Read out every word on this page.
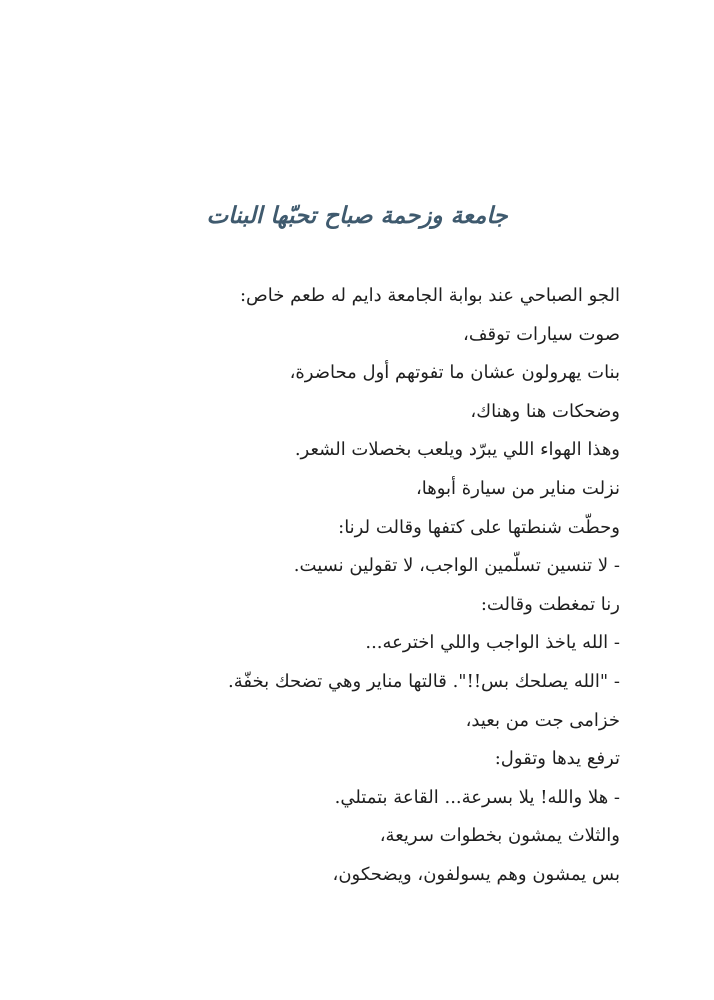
جامعة وزحمة صباح تحبّها البنات
الجو الصباحي عند بوابة الجامعة دايم له طعم خاص:
صوت سيارات توقف،
بنات يهرولون عشان ما تفوتهم أول محاضرة،
وضحكات هنا وهناك،
وهذا الهواء اللي يبرّد ويلعب بخصلات الشعر.
نزلت مناير من سيارة أبوها،
وحطّت شنطتها على كتفها وقالت لرنا:
- لا تنسين تسلّمين الواجب، لا تقولين نسيت.
رنا تمغطت وقالت:
- الله ياخذ الواجب واللي اخترعه...
- "الله يصلحك بس!!". قالتها مناير وهي تضحك بخفّة.
خزامى جت من بعيد،
ترفع يدها وتقول:
- هلا والله! يلا بسرعة... القاعة بتمتلي.
والثلاث يمشون بخطوات سريعة،
بس يمشون وهم يسولفون، ويضحكون،
